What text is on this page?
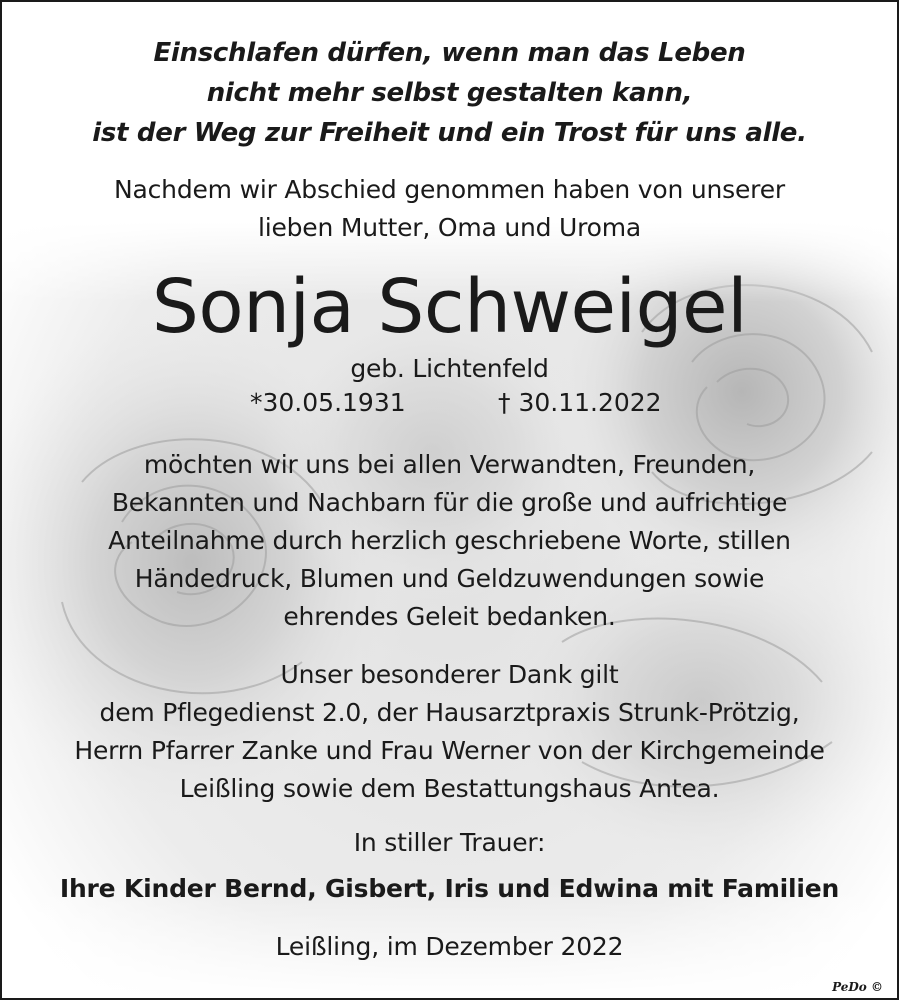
Einschlafen dürfen, wenn man das Leben

nicht mehr selbst gestalten kann,

ist der Weg zur Freiheit und ein Trost für uns alle.

Nachdem wir Abschied genommen haben von unserer

lieben Mutter, Oma und Uroma

Sonja Schweigel

geb. Lichtenfeld

*30.05.1931	† 30.11.2022

möchten wir uns bei allen Verwandten, Freunden,

Bekannten und Nachbarn für die große und aufrichtige

Anteilnahme durch herzlich geschriebene Worte, stillen

Händedruck, Blumen und Geldzuwendungen sowie

ehrendes Geleit bedanken.

Unser besonderer Dank gilt

dem Pflegedienst 2.0, der Hausarztpraxis Strunk-Prötzig,

Herrn Pfarrer Zanke und Frau Werner von der Kirchgemeinde

Leißling sowie dem Bestattungshaus Antea.

In stiller Trauer:

Ihre Kinder Bernd, Gisbert, Iris und Edwina mit Familien

Leißling, im Dezember 2022

PeDo ©
